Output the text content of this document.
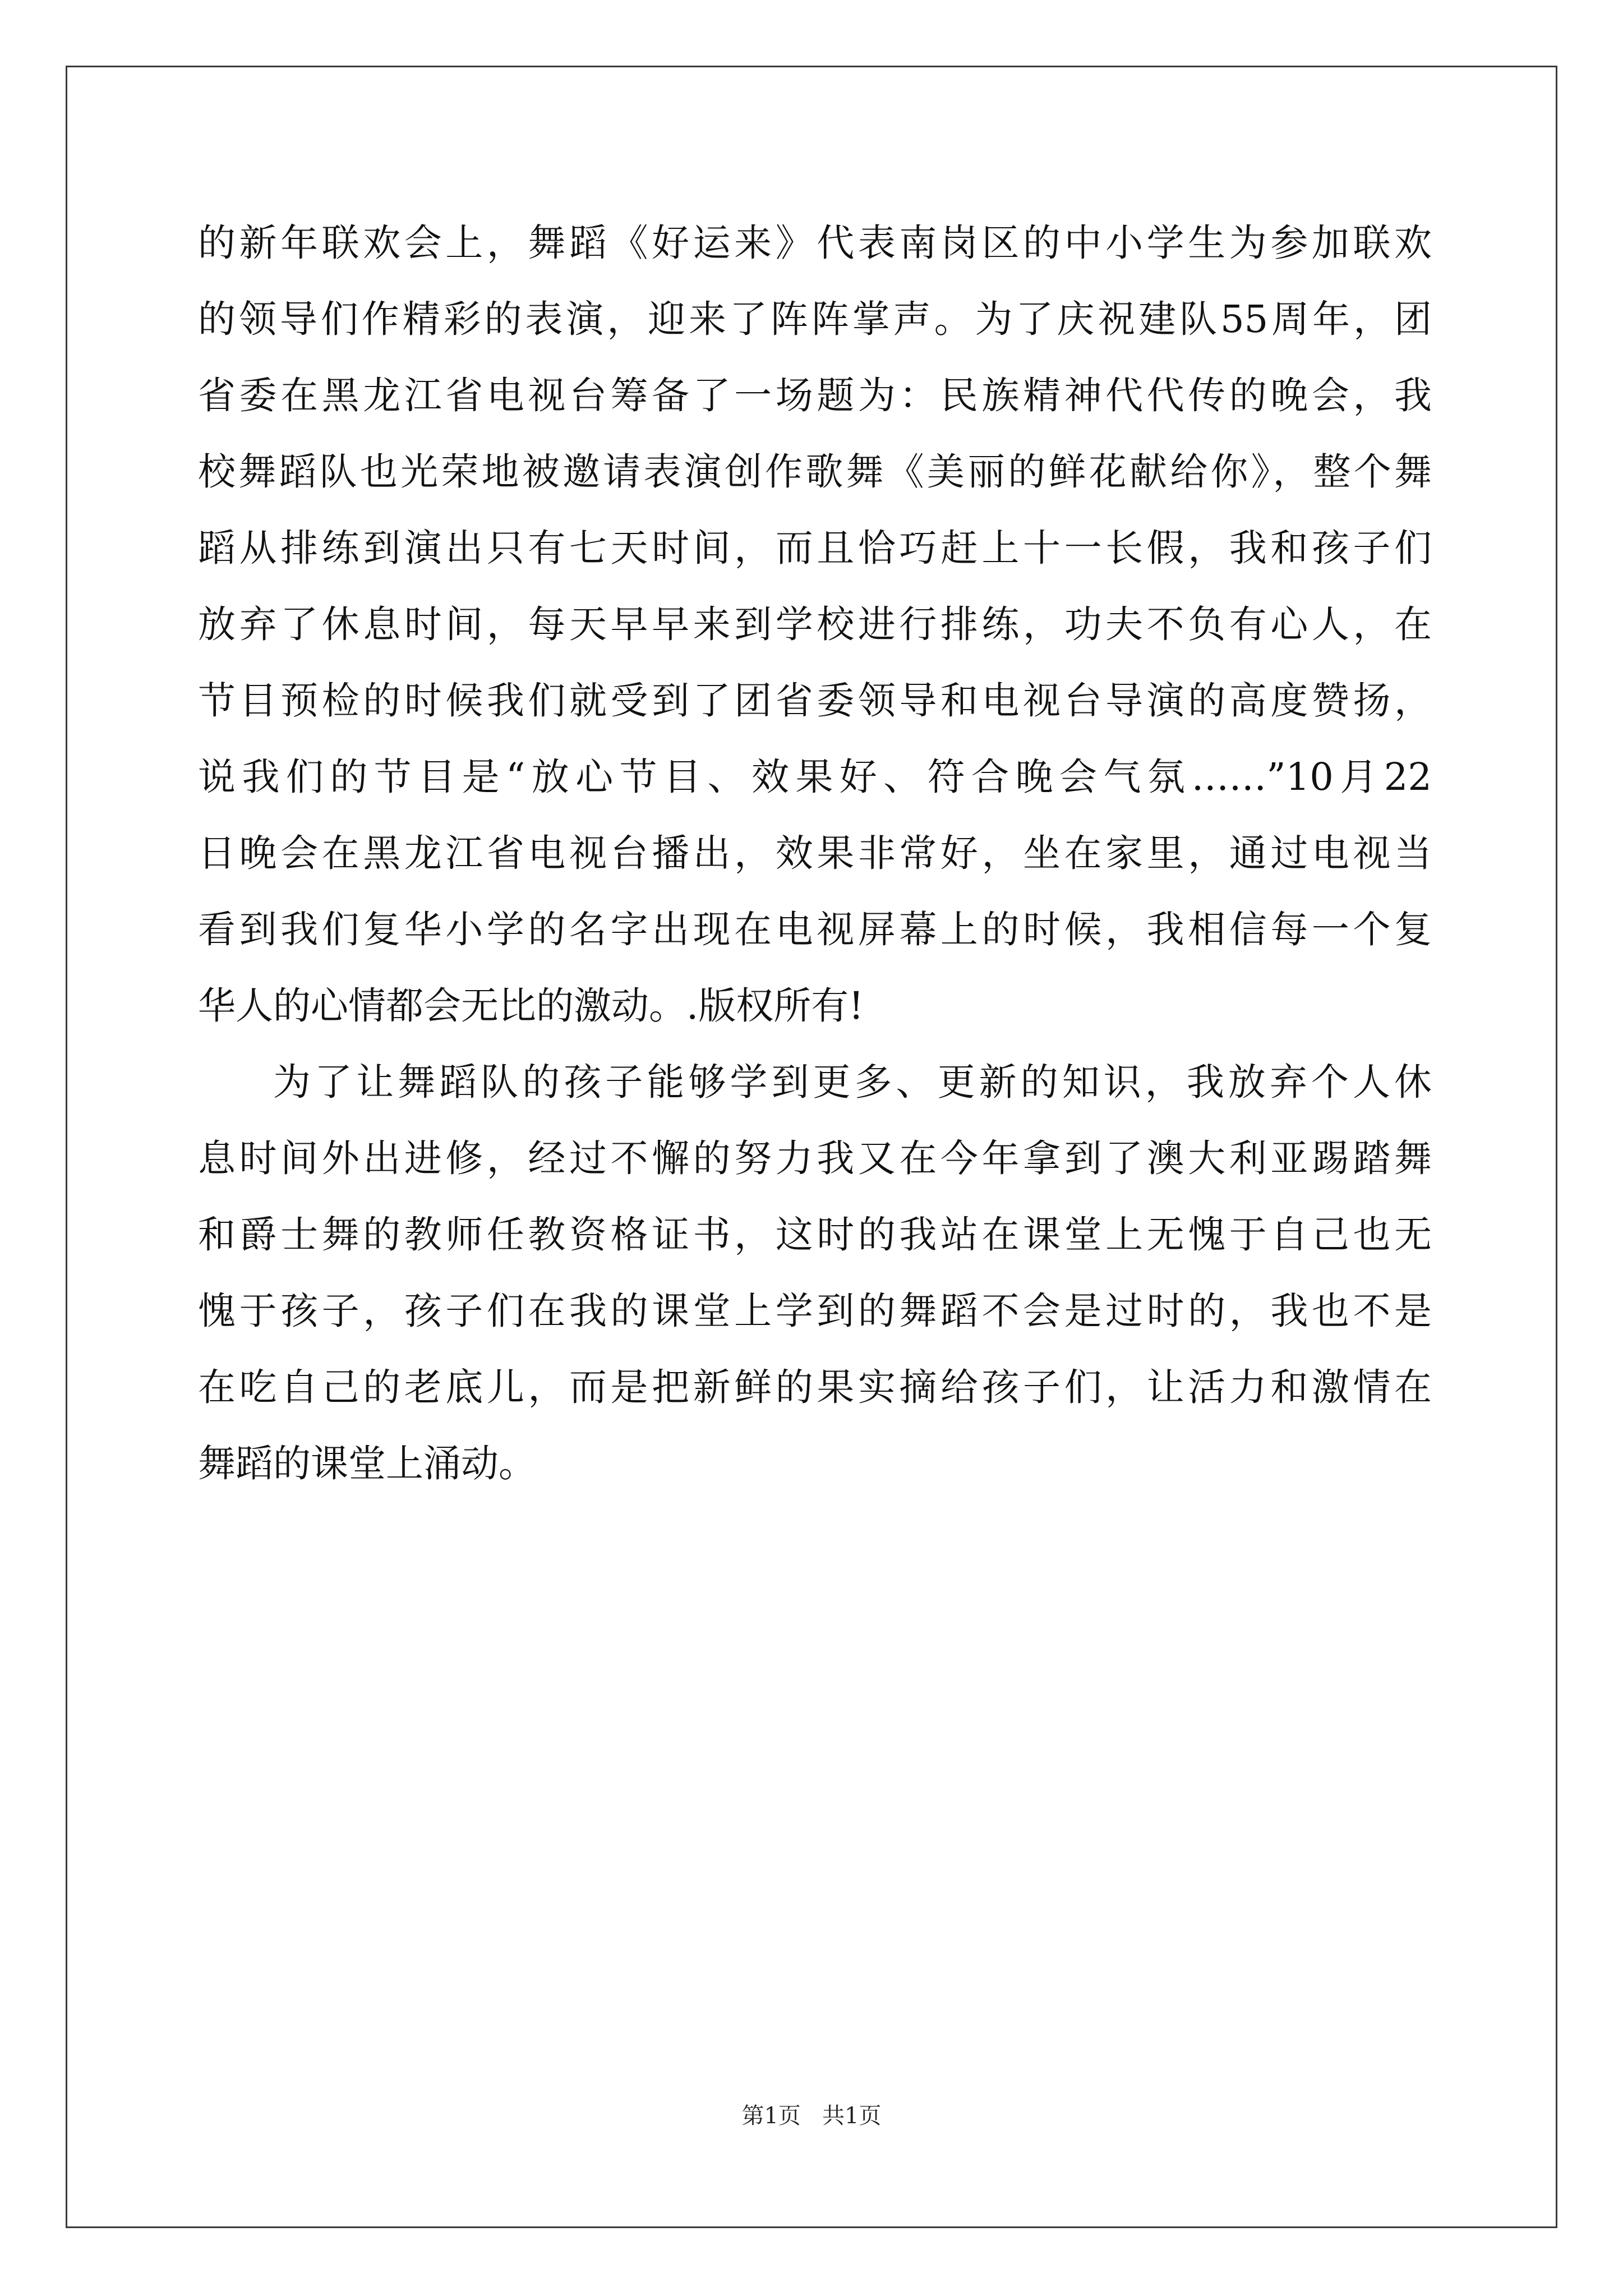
的新年联欢会上，舞蹈《好运来》代表南岗区的中小学生为参加联欢
的领导们作精彩的表演，迎来了阵阵掌声。为了庆祝建队55周年，团
省委在黑龙江省电视台筹备了一场题为：民族精神代代传的晚会，我
校舞蹈队也光荣地被邀请表演创作歌舞《美丽的鲜花献给你》，整个舞
蹈从排练到演出只有七天时间，而且恰巧赶上十一长假，我和孩子们
放弃了休息时间，每天早早来到学校进行排练，功夫不负有心人，在
节目预检的时候我们就受到了团省委领导和电视台导演的高度赞扬，
说我们的节目是“放心节目、效果好、符合晚会气氛……”10月22
日晚会在黑龙江省电视台播出，效果非常好，坐在家里，通过电视当
看到我们复华小学的名字出现在电视屏幕上的时候，我相信每一个复
华人的心情都会无比的激动。.版权所有!
为了让舞蹈队的孩子能够学到更多、更新的知识，我放弃个人休
息时间外出进修，经过不懈的努力我又在今年拿到了澳大利亚踢踏舞
和爵士舞的教师任教资格证书，这时的我站在课堂上无愧于自己也无
愧于孩子，孩子们在我的课堂上学到的舞蹈不会是过时的，我也不是
在吃自己的老底儿，而是把新鲜的果实摘给孩子们，让活力和激情在
舞蹈的课堂上涌动。
第1页   共1页
